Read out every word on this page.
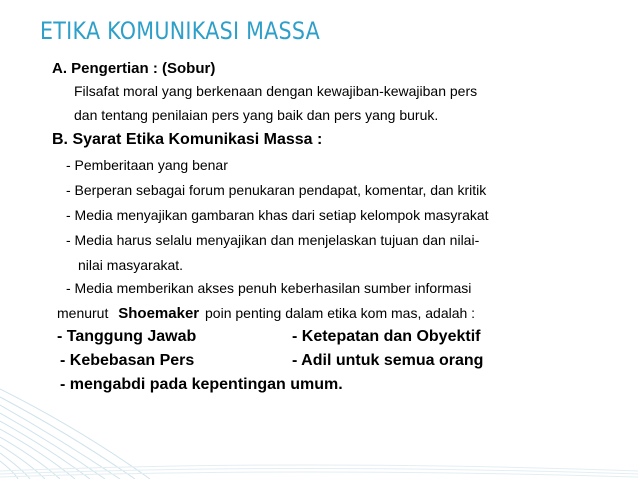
ETIKA KOMUNIKASI MASSA
A. Pengertian : (Sobur)
Filsafat moral yang berkenaan dengan kewajiban-kewajiban pers
dan tentang penilaian pers yang baik dan pers yang buruk.
B. Syarat Etika Komunikasi Massa :
- Pemberitaan yang benar
- Berperan sebagai forum penukaran pendapat, komentar, dan kritik
- Media menyajikan gambaran khas dari setiap kelompok masyrakat
- Media harus selalu menyajikan dan menjelaskan tujuan dan nilai-
nilai masyarakat.
- Media memberikan akses penuh keberhasilan sumber informasi
menurut Shoemaker poin penting dalam etika kom mas, adalah :
- Tanggung Jawab	- Ketepatan dan Obyektif
- Kebebasan Pers	- Adil untuk semua orang
- mengabdi pada kepentingan umum.
